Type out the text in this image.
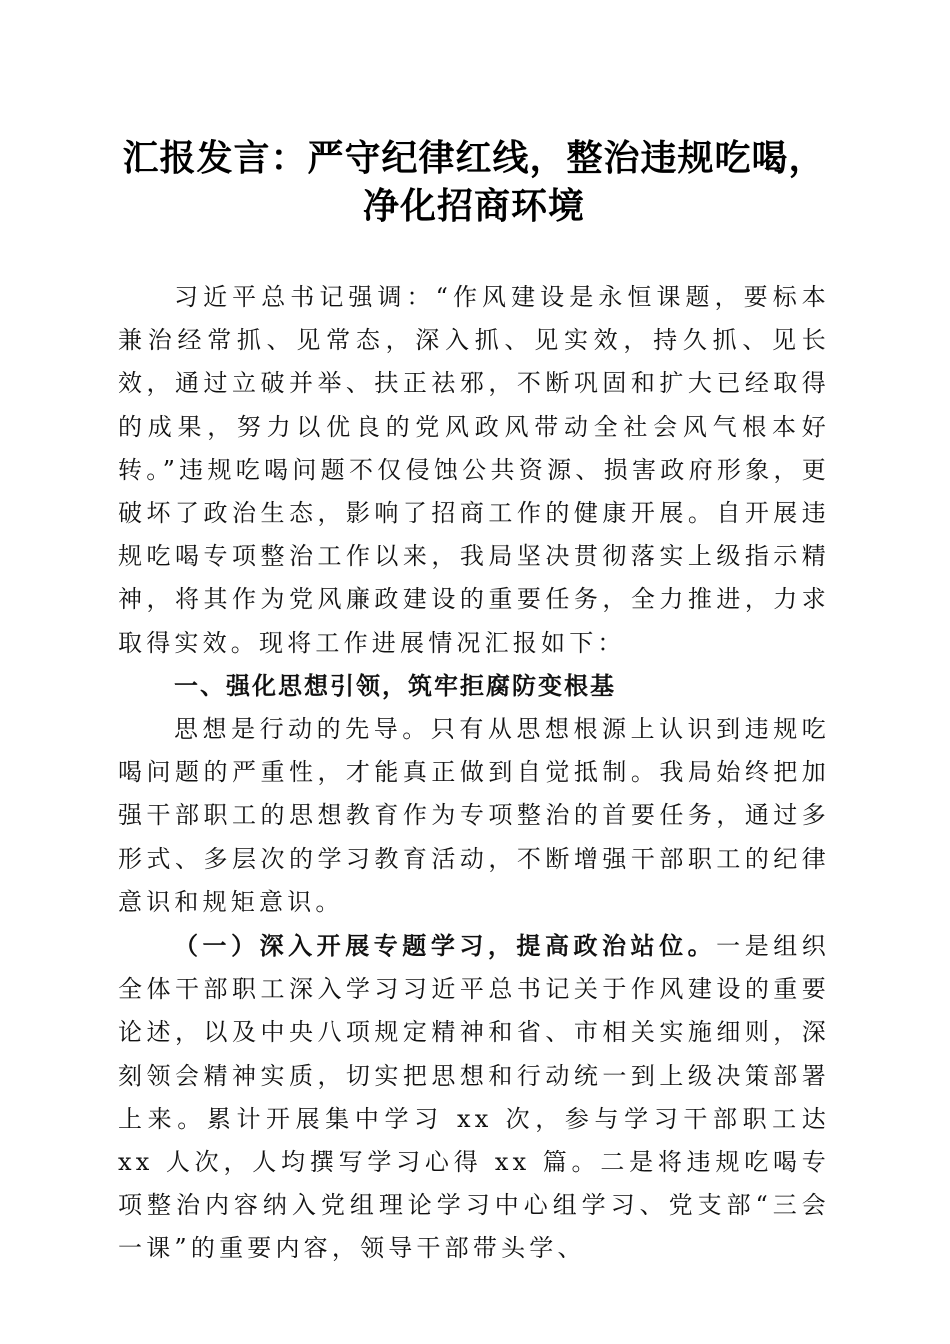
汇报发言：严守纪律红线，整治违规吃喝，净化招商环境

习近平总书记强调：“作风建设是永恒课题，要标本兼治经常抓、见常态，深入抓、见实效，持久抓、见长效，通过立破并举、扶正祛邪，不断巩固和扩大已经取得的成果，努力以优良的党风政风带动全社会风气根本好转。”违规吃喝问题不仅侵蚀公共资源、损害政府形象，更破坏了政治生态，影响了招商工作的健康开展。自开展违规吃喝专项整治工作以来，我局坚决贯彻落实上级指示精神，将其作为党风廉政建设的重要任务，全力推进，力求取得实效。现将工作进展情况汇报如下：

一、强化思想引领，筑牢拒腐防变根基

思想是行动的先导。只有从思想根源上认识到违规吃喝问题的严重性，才能真正做到自觉抵制。我局始终把加强干部职工的思想教育作为专项整治的首要任务，通过多形式、多层次的学习教育活动，不断增强干部职工的纪律意识和规矩意识。

（一）深入开展专题学习，提高政治站位。一是组织全体干部职工深入学习习近平总书记关于作风建设的重要论述，以及中央八项规定精神和省、市相关实施细则，深刻领会精神实质，切实把思想和行动统一到上级决策部署上来。累计开展集中学习 xx 次，参与学习干部职工达 xx 人次，人均撰写学习心得 xx 篇。二是将违规吃喝专项整治内容纳入党组理论学习中心组学习、党支部“三会一课”的重要内容，领导干部带头学、
